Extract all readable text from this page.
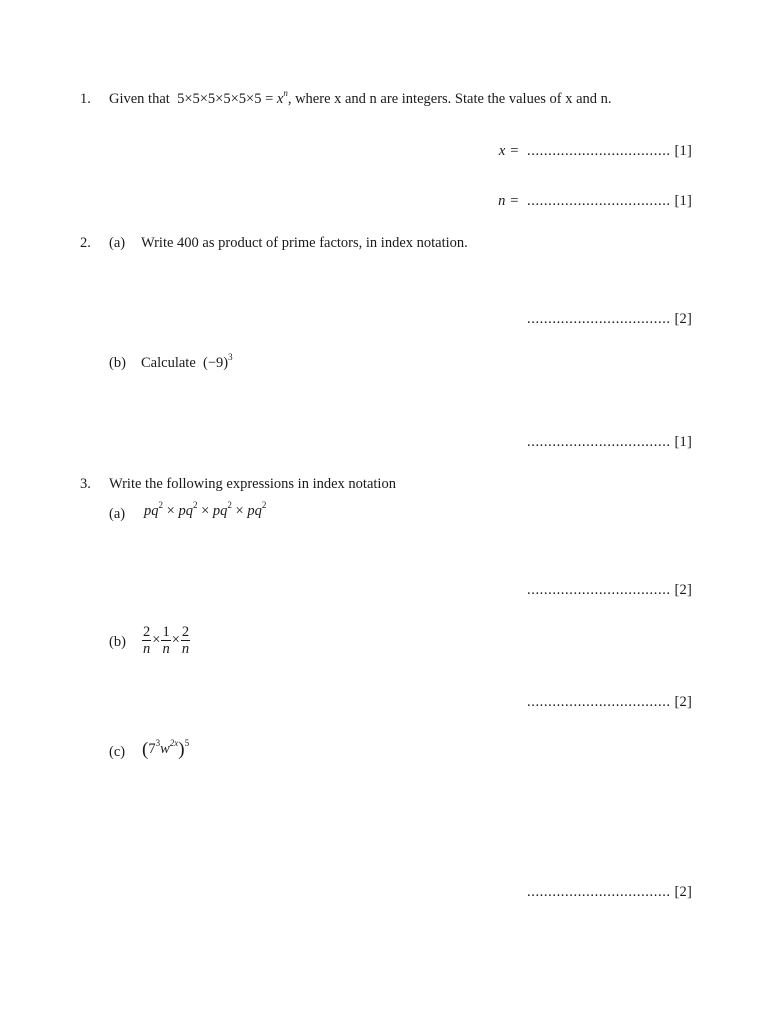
1. Given that $5\times 5\times 5\times 5\times 5\times 5 = x^n$, where x and n are integers. State the values of x and n.
x = .................................. [1]
n = .................................. [1]
2. (a) Write 400 as product of prime factors, in index notation.
.................................. [2]
(b) Calculate $(-9)^3$
.................................. [1]
3. Write the following expressions in index notation
(a) $pq^2 \times pq^2 \times pq^2 \times pq^2$
.................................. [2]
$(b) \frac{2}{n} \times \frac{1}{n} \times \frac{2}{n}$
.................................. [2]
(c) $(7^3w^{2x})^5$
.................................. [2]
